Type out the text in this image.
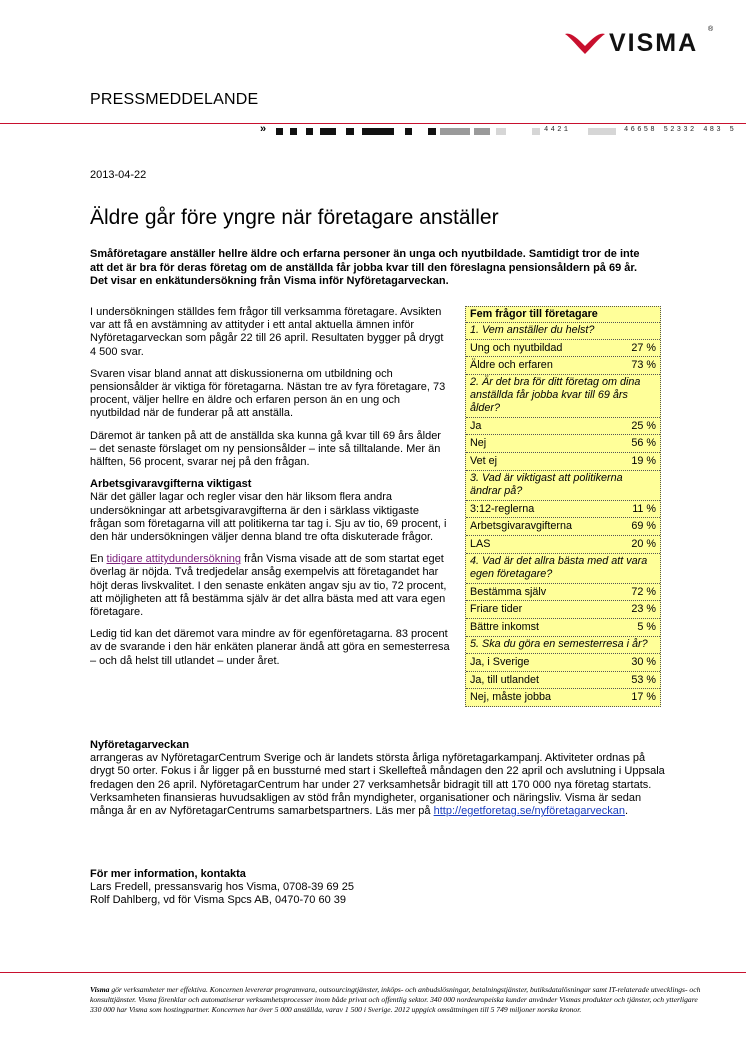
VISMA ®
PRESSMEDDELANDE
»	4421	46658 52332 483 5
2013-04-22
Äldre går före yngre när företagare anställer
Småföretagare anställer hellre äldre och erfarna personer än unga och nyutbildade. Samtidigt tror de inte att det är bra för deras företag om de anställda får jobba kvar till den föreslagna pensionsåldern på 69 år. Det visar en enkätundersökning från Visma inför Nyföretagarveckan.

I undersökningen ställdes fem frågor till verksamma företagare. Avsikten var att få en avstämning av attityder i ett antal aktuella ämnen inför Nyföretagarveckan som pågår 22 till 26 april. Resultaten bygger på drygt 4 500 svar.

Svaren visar bland annat att diskussionerna om utbildning och pensionsålder är viktiga för företagarna. Nästan tre av fyra företagare, 73 procent, väljer hellre en äldre och erfaren person än en ung och nyutbildad när de funderar på att anställa.

Däremot är tanken på att de anställda ska kunna gå kvar till 69 års ålder – det senaste förslaget om ny pensionsålder – inte så tilltalande. Mer än hälften, 56 procent, svarar nej på den frågan.

Arbetsgivaravgifterna viktigast

När det gäller lagar och regler visar den här liksom flera andra undersökningar att arbetsgivaravgifterna är den i särklass viktigaste frågan som företagarna vill att politikerna tar tag i. Sju av tio, 69 procent, i den här undersökningen väljer denna bland tre ofta diskuterade frågor.

En tidigare attitydundersökning från Visma visade att de som startat eget överlag är nöjda. Två tredjedelar ansåg exempelvis att företagandet har höjt deras livskvalitet. I den senaste enkäten angav sju av tio, 72 procent, att möjligheten att få bestämma själv är det allra bästa med att vara egen företagare.

Ledig tid kan det däremot vara mindre av för egenföretagarna. 83 procent av de svarande i den här enkäten planerar ändå att göra en semesterresa – och då helst till utlandet – under året.

Fem frågor till företagare
1. Vem anställer du helst?
Ung och nyutbildad	27 %
Äldre och erfaren	73 %
2. Är det bra för ditt företag om dina anställda får jobba kvar till 69 års ålder?
Ja	25 %
Nej	56 %
Vet ej	19 %
3. Vad är viktigast att politikerna ändrar på?
3:12-reglerna	11 %
Arbetsgivaravgifterna	69 %
LAS	20 %
4. Vad är det allra bästa med att vara egen företagare?
Bestämma själv	72 %
Friare tider	23 %
Bättre inkomst	5 %
5. Ska du göra en semesterresa i år?
Ja, i Sverige	30 %
Ja, till utlandet	53 %
Nej, måste jobba	17 %
Nyföretagarveckan
arrangeras av NyföretagarCentrum Sverige och är landets största årliga nyföretagarkampanj. Aktiviteter ordnas på drygt 50 orter. Fokus i år ligger på en bussturné med start i Skellefteå måndagen den 22 april och avslutning i Uppsala fredagen den 26 april. NyföretagarCentrum har under 27 verksamhetsår bidragit till att 170 000 nya företag startats. Verksamheten finansieras huvudsakligen av stöd från myndigheter, organisationer och näringsliv. Visma är sedan många år en av NyföretagarCentrums samarbetspartners. Läs mer på http://egetforetag.se/nyföretagarveckan.
För mer information, kontakta
Lars Fredell, pressansvarig hos Visma, 0708-39 69 25
Rolf Dahlberg, vd för Visma Spcs AB, 0470-70 60 39
Visma gör verksamheter mer effektiva. Koncernen levererar programvara, outsourcingtjänster, inköps- och anbudslösningar, betalningstjänster, butiksdatalösningar samt IT-relaterade utvecklings- och konsulttjänster. Visma förenklar och automatiserar verksamhetsprocesser inom både privat och offentlig sektor. 340 000 nordeuropeiska kunder använder Vismas produkter och tjänster, och ytterligare 330 000 har Visma som hostingpartner. Koncernen har över 5 000 anställda, varav 1 500 i Sverige. 2012 uppgick omsättningen till 5 749 miljoner norska kronor.
